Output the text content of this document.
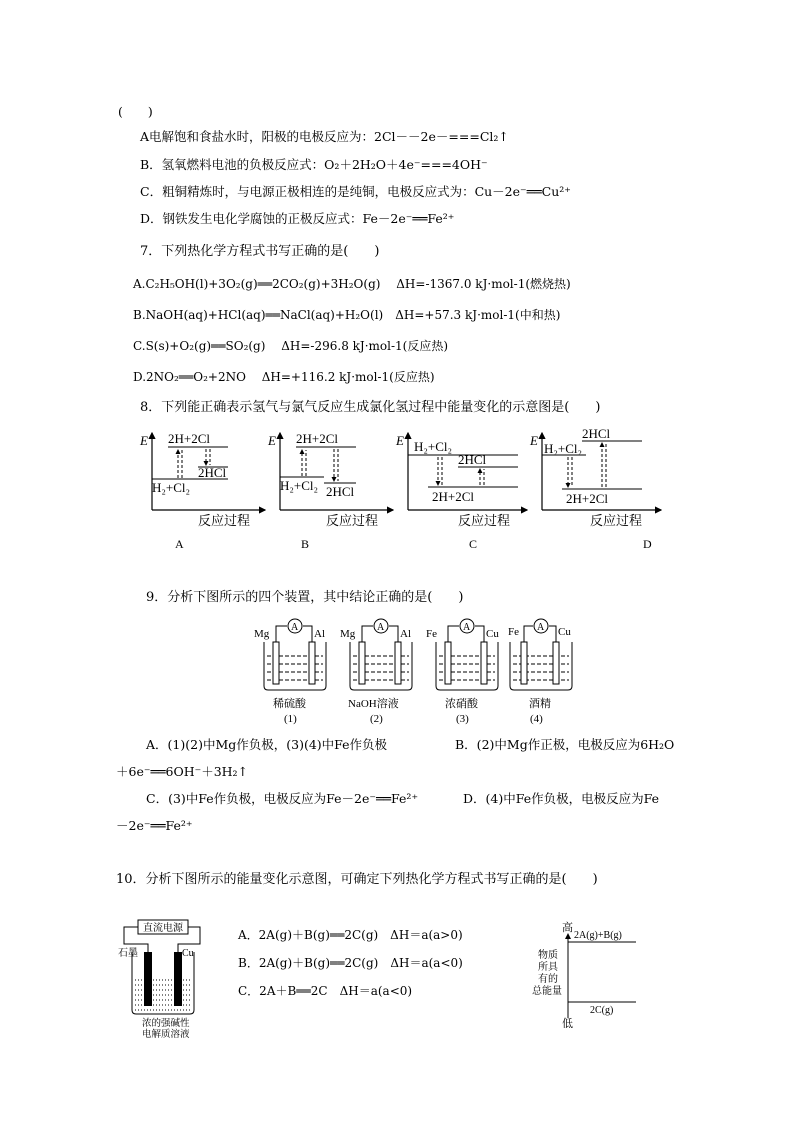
(　　)
A电解饱和食盐水时，阳极的电极反应为：2Cl－－2e－===Cl₂↑
B．氢氧燃料电池的负极反应式：O₂＋2H₂O＋4e⁻===4OH⁻
C．粗铜精炼时，与电源正极相连的是纯铜，电极反应式为：Cu－2e⁻══Cu²⁺
D．钢铁发生电化学腐蚀的正极反应式：Fe－2e⁻══Fe²⁺
7．下列热化学方程式书写正确的是(　　)
A.C₂H₅OH(l)+3O₂(g)══2CO₂(g)+3H₂O(g)　 ΔH=-1367.0 kJ·mol-1(燃烧热)
B.NaOH(aq)+HCl(aq)══NaCl(aq)+H₂O(l)　ΔH=+57.3 kJ·mol-1(中和热)
C.S(s)+O₂(g)══SO₂(g)　 ΔH=-296.8 kJ·mol-1(反应热)
D.2NO₂══O₂+2NO　 ΔH=+116.2 kJ·mol-1(反应热)
8．下列能正确表示氢气与氯气反应生成氯化氢过程中能量变化的示意图是(　　)
E
反应过程
2H+2Cl
H₂+Cl₂
2HCl
E
反应过程
2H+2Cl
H₂+Cl₂ 2HCl
E
反应过程
H₂+Cl₂
2HCl
2H+2Cl
E
反应过程
2HCl
H₂+Cl₂
2H+2Cl
A	B	C	D
9．分析下图所示的四个装置，其中结论正确的是(　　)
Mg	Al
A
稀硫酸
(1)
Mg	Al
A
NaOH溶液
(2)
Fe	Cu
A
浓硝酸
(3)
Fe	Cu
A
酒精
(4)
A．(1)(2)中Mg作负极，(3)(4)中Fe作负极	B．(2)中Mg作正极，电极反应为6H₂O
＋6e⁻══6OH⁻＋3H₂↑
C．(3)中Fe作负极，电极反应为Fe－2e⁻══Fe²⁺	D．(4)中Fe作负极，电极反应为Fe
－2e⁻══Fe²⁺
10．分析下图所示的能量变化示意图，可确定下列热化学方程式书写正确的是(　　)
直流电源
石墨	Cu
浓的强碱性
电解质溶液
A．2A(g)＋B(g)══2C(g)　ΔH＝a(a>0)
B．2A(g)＋B(g)══2C(g)　ΔH＝a(a<0)
C．2A＋B══2C　ΔH＝a(a<0)
高
低
物质
所具
有的
总能量
2A(g)+B(g)
2C(g)
